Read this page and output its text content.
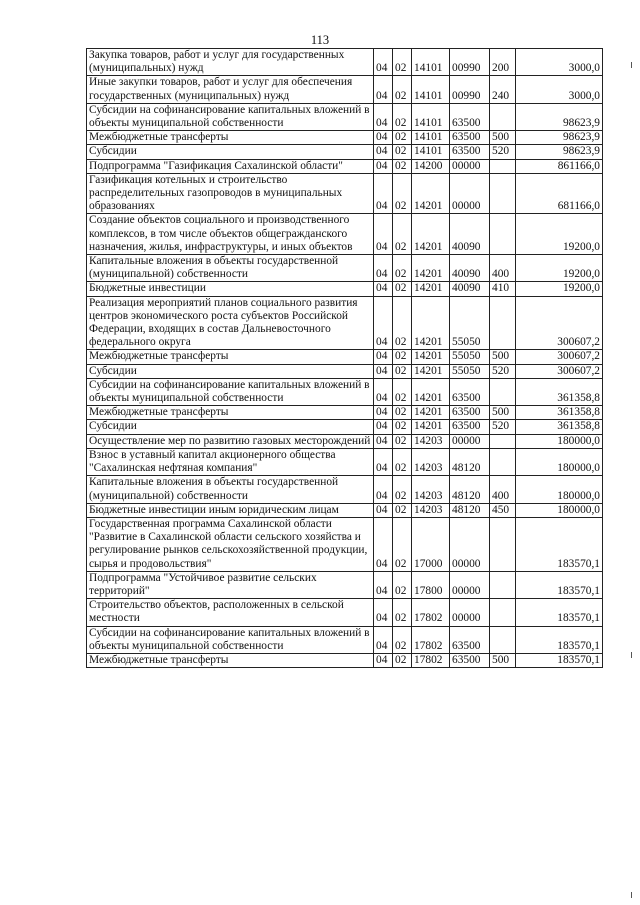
113
Закупка товаров, работ и услуг для государственных (муниципальных) нужд	04	02	14101	00990	200	3000,0
Иные закупки товаров, работ и услуг для обеспечения государственных (муниципальных) нужд	04	02	14101	00990	240	3000,0
Субсидии на софинансирование капитальных вложений в объекты муниципальной собственности	04	02	14101	63500		98623,9
Межбюджетные трансферты	04	02	14101	63500	500	98623,9
Субсидии	04	02	14101	63500	520	98623,9
Подпрограмма "Газификация Сахалинской области"	04	02	14200	00000		861166,0
Газификация котельных и строительство распределительных газопроводов в муниципальных образованиях	04	02	14201	00000		681166,0
Создание объектов социального и производственного комплексов, в том числе объектов общегражданского назначения, жилья, инфраструктуры, и иных объектов	04	02	14201	40090		19200,0
Капитальные вложения в объекты государственной (муниципальной) собственности	04	02	14201	40090	400	19200,0
Бюджетные инвестиции	04	02	14201	40090	410	19200,0
Реализация мероприятий планов социального развития центров экономического роста субъектов Российской Федерации, входящих в состав Дальневосточного федерального округа	04	02	14201	55050		300607,2
Межбюджетные трансферты	04	02	14201	55050	500	300607,2
Субсидии	04	02	14201	55050	520	300607,2
Субсидии на софинансирование капитальных вложений в объекты муниципальной собственности	04	02	14201	63500		361358,8
Межбюджетные трансферты	04	02	14201	63500	500	361358,8
Субсидии	04	02	14201	63500	520	361358,8
Осуществление мер по развитию газовых месторождений	04	02	14203	00000		180000,0
Взнос в уставный капитал акционерного общества "Сахалинская нефтяная компания"	04	02	14203	48120		180000,0
Капитальные вложения в объекты государственной (муниципальной) собственности	04	02	14203	48120	400	180000,0
Бюджетные инвестиции иным юридическим лицам	04	02	14203	48120	450	180000,0
Государственная программа Сахалинской области "Развитие в Сахалинской области сельского хозяйства и регулирование рынков сельскохозяйственной продукции, сырья и продовольствия"	04	02	17000	00000		183570,1
Подпрограмма "Устойчивое развитие сельских территорий"	04	02	17800	00000		183570,1
Строительство объектов, расположенных в сельской местности	04	02	17802	00000		183570,1
Субсидии на софинансирование капитальных вложений в объекты муниципальной собственности	04	02	17802	63500		183570,1
Межбюджетные трансферты	04	02	17802	63500	500	183570,1
